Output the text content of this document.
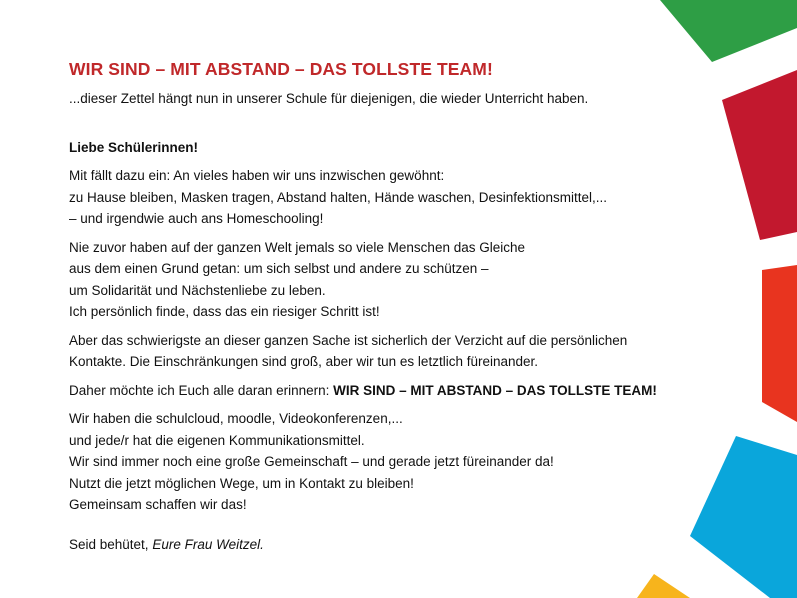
WIR SIND – MIT ABSTAND – DAS TOLLSTE TEAM!

...dieser Zettel hängt nun in unserer Schule für diejenigen, die wieder Unterricht haben.

Liebe Schülerinnen!

Mit fällt dazu ein: An vieles haben wir uns inzwischen gewöhnt:
zu Hause bleiben, Masken tragen, Abstand halten, Hände waschen, Desinfektionsmittel,...
– und irgendwie auch ans Homeschooling!

Nie zuvor haben auf der ganzen Welt jemals so viele Menschen das Gleiche
aus dem einen Grund getan: um sich selbst und andere zu schützen –
um Solidarität und Nächstenliebe zu leben.
Ich persönlich finde, dass das ein riesiger Schritt ist!

Aber das schwierigste an dieser ganzen Sache ist sicherlich der Verzicht auf die persönlichen
Kontakte. Die Einschränkungen sind groß, aber wir tun es letztlich füreinander.

Daher möchte ich Euch alle daran erinnern: WIR SIND – MIT ABSTAND – DAS TOLLSTE TEAM!

Wir haben die schulcloud, moodle, Videokonferenzen,...
und jede/r hat die eigenen Kommunikationsmittel.
Wir sind immer noch eine große Gemeinschaft – und gerade jetzt füreinander da!
Nutzt die jetzt möglichen Wege, um in Kontakt zu bleiben!
Gemeinsam schaffen wir das!

Seid behütet, Eure Frau Weitzel.
